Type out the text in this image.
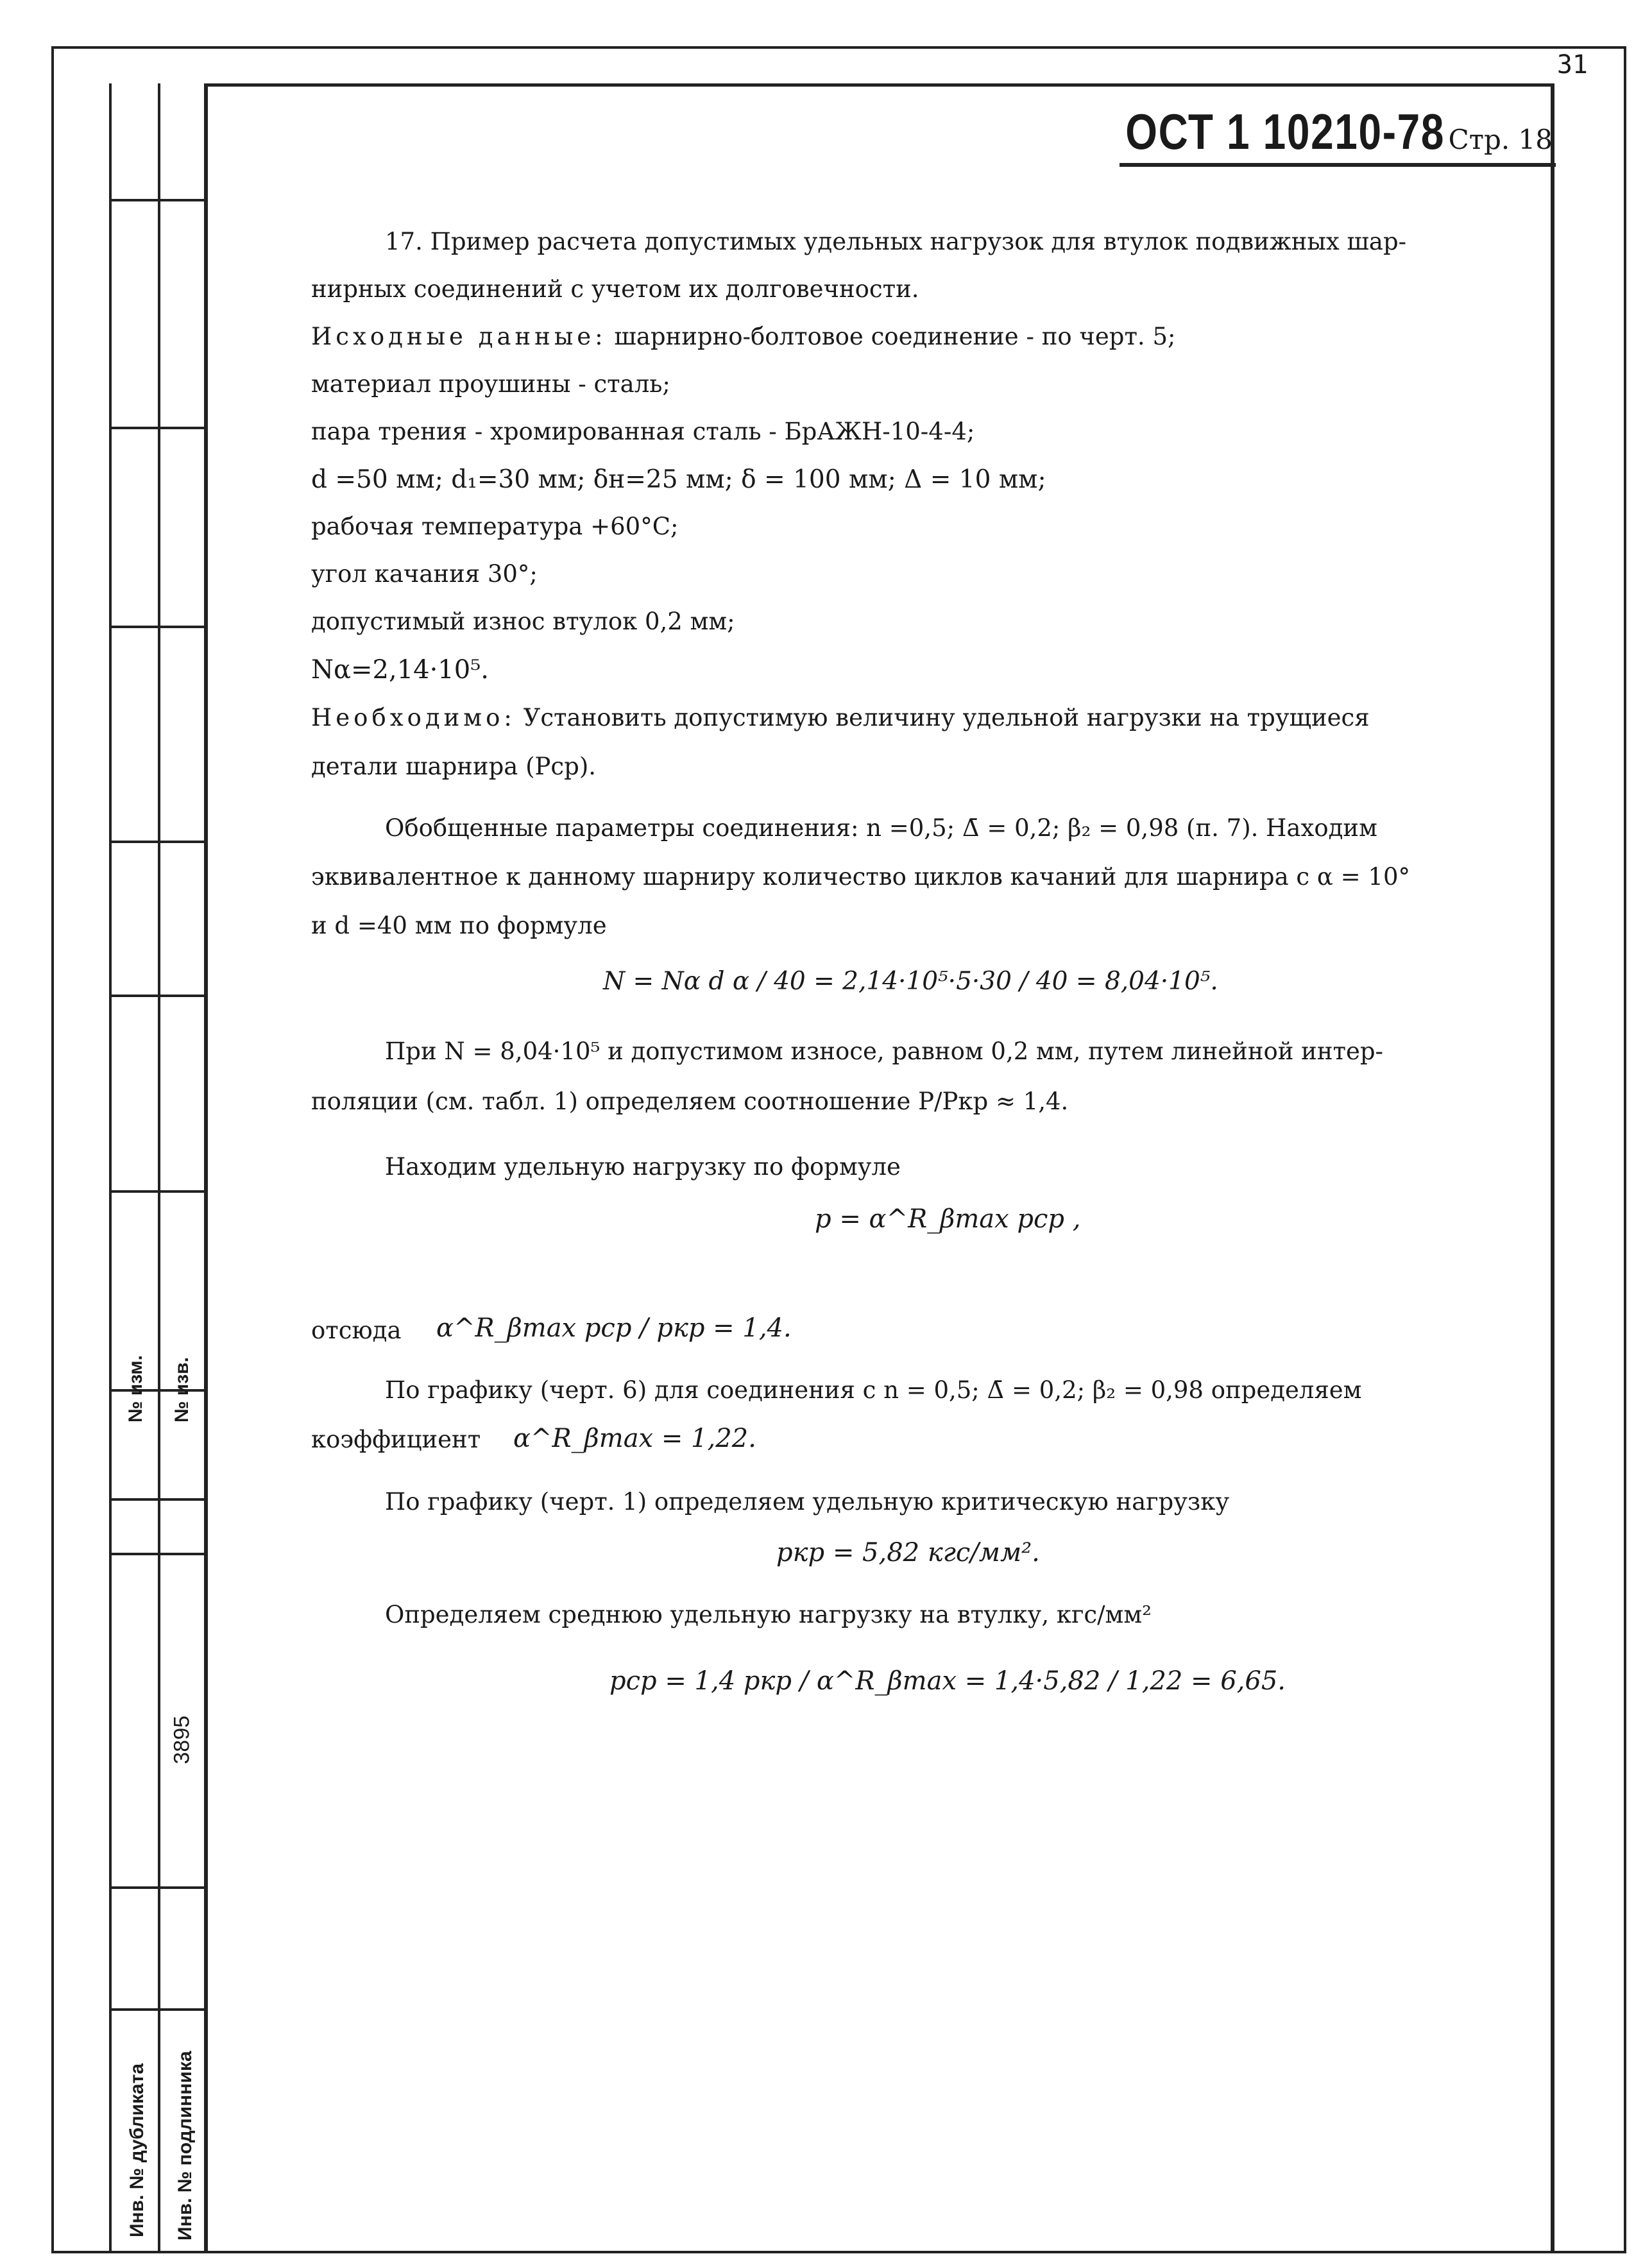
31
№ изм. № изв.
3895
Инв. № дубликата Инв. № подлинника
ОСТ 1 10210-78 Стр. 18
17. Пример расчета допустимых удельных нагрузок для втулок подвижных шар-
нирных соединений с учетом их долговечности.
Исходные данные: шарнирно-болтовое соединение - по черт. 5;
материал проушины - сталь;
пара трения - хромированная сталь - БрАЖН-10-4-4;
d =50 мм; d₁=30 мм; δн=25 мм; δ = 100 мм; Δ = 10 мм;
рабочая температура +60°C;
угол качания 30°;
допустимый износ втулок 0,2 мм;
Nα=2,14·10⁵.
Необходимо: Установить допустимую величину удельной нагрузки на трущиеся
детали шарнира (Pср).
Обобщенные параметры соединения: n =0,5; Δ̄ = 0,2; β₂ = 0,98 (п. 7). Находим
эквивалентное к данному шарниру количество циклов качаний для шарнира с α = 10°
и d =40 мм по формуле
N = Nα d α / 40 = 2,14·10⁵·5·30 / 40 = 8,04·10⁵.
При N = 8,04·10⁵ и допустимом износе, равном 0,2 мм, путем линейной интер-
поляции (см. табл. 1) определяем соотношение P/Pкр ≈ 1,4.
Находим удельную нагрузку по формуле
p = α^R_βmax pср ,
отсюда α^R_βmax pср / pкр = 1,4.
По графику (черт. 6) для соединения с n = 0,5; Δ̄ = 0,2; β₂ = 0,98 определяем
коэффициент α^R_βmax = 1,22.
По графику (черт. 1) определяем удельную критическую нагрузку
pкр = 5,82 кгс/мм².
Определяем среднюю удельную нагрузку на втулку, кгс/мм²
pср = 1,4 pкр / α^R_βmax = 1,4·5,82 / 1,22 = 6,65.
